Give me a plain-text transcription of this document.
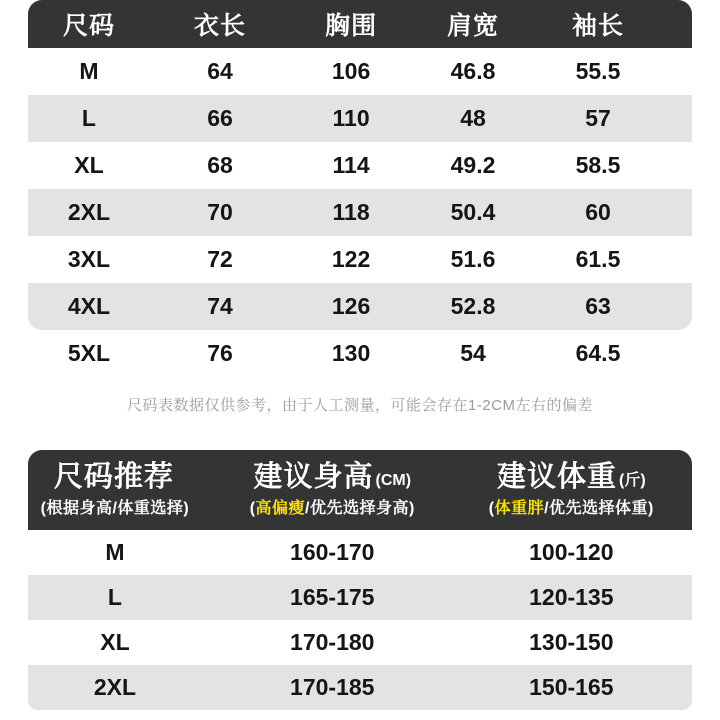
尺码	衣长	胸围	肩宽	袖长
M	64	106	46.8	55.5
L	66	110	48	57
XL	68	114	49.2	58.5
2XL	70	118	50.4	60
3XL	72	122	51.6	61.5
4XL	74	126	52.8	63
5XL	76	130	54	64.5
尺码表数据仅供参考，由于人工测量，可能会存在1-2CM左右的偏差
尺码推荐
(根据身高/体重选择)
建议身高 (CM)
(高偏瘦/优先选择身高)
建议体重 (斤)
(体重胖/优先选择体重)
M	160-170	100-120
L	165-175	120-135
XL	170-180	130-150
2XL	170-185	150-165
